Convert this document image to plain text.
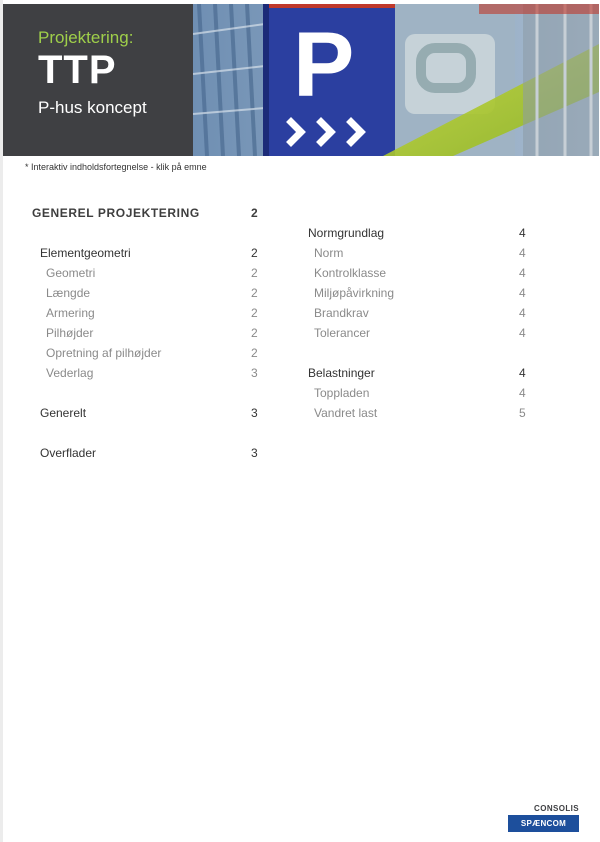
Projektering:
TTP
P-hus koncept P
* Interaktiv indholdsfortegnelse - klik på emne
GENEREL PROJEKTERING	2
Elementgeometri	2
Geometri	2
Længde	2
Armering	2
Pilhøjder	2
Opretning af pilhøjder	2
Vederlag	3
Generelt	3
Overflader	3
Normgrundlag	4
Norm	4
Kontrolklasse	4
Miljøpåvirkning	4
Brandkrav	4
Tolerancer	4
Belastninger	4
Toppladen	4
Vandret last	5
CONSOLIS
SPÆNCOM
